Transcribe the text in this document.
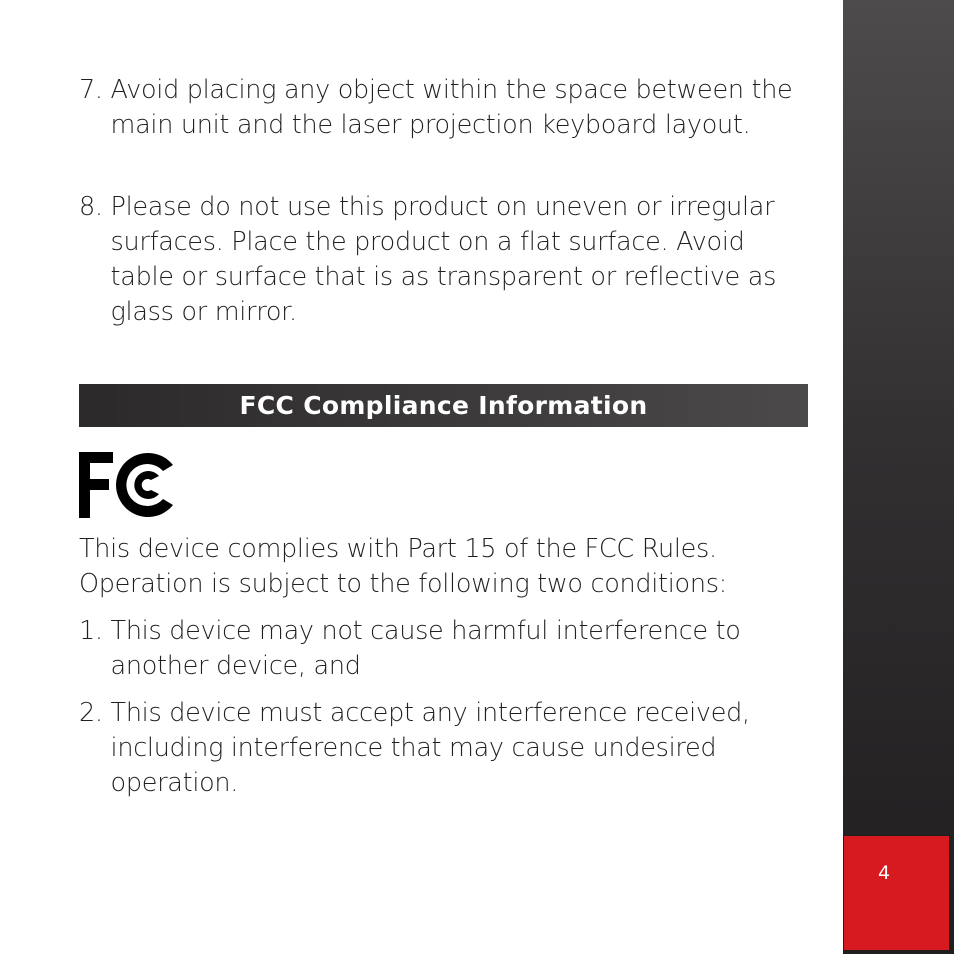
4
7. Avoid placing any object within the space between the main unit and the laser projection keyboard layout.
8. Please do not use this product on uneven or irregular surfaces. Place the product on a flat surface. Avoid table or surface that is as transparent or reflective as glass or mirror.
FCC Compliance Information
This device complies with Part 15 of the FCC Rules.
Operation is subject to the following two conditions:
1. This device may not cause harmful interference to another device, and
2. This device must accept any interference received, including interference that may cause undesired operation.
